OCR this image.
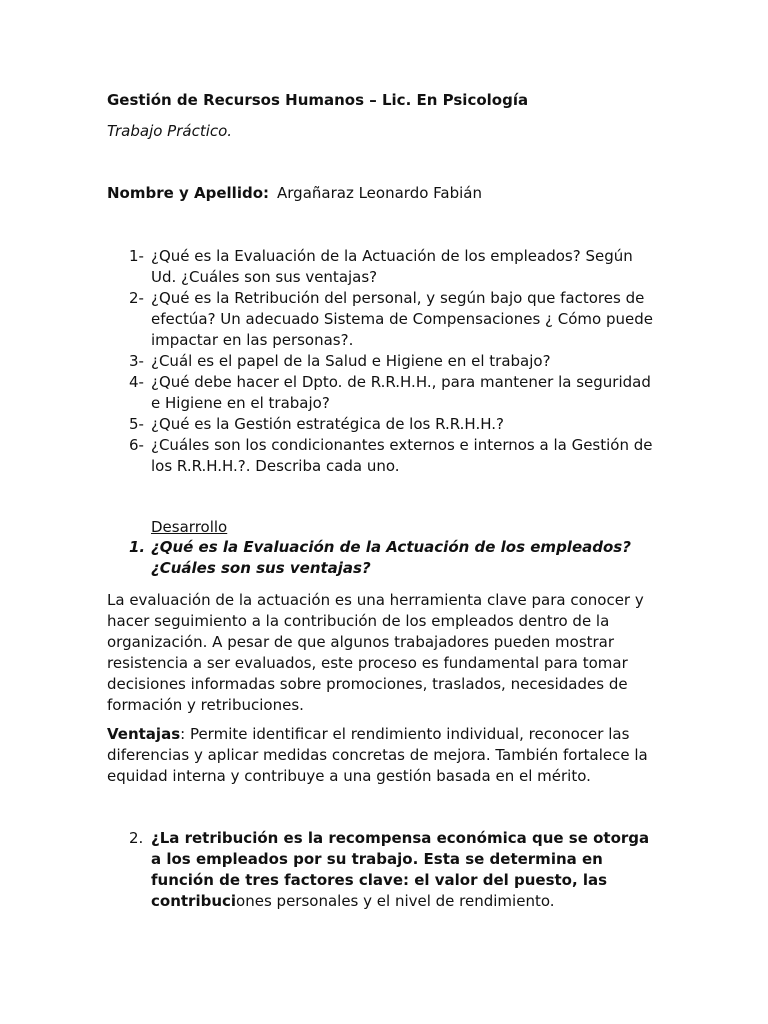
Gestión de Recursos Humanos – Lic. En Psicología
Trabajo Práctico.
Nombre y Apellido: Argañaraz Leonardo Fabián
1- ¿Qué es la Evaluación de la Actuación de los empleados? Según Ud. ¿Cuáles son sus ventajas?
2- ¿Qué es la Retribución del personal, y según bajo que factores de efectúa? Un adecuado Sistema de Compensaciones ¿ Cómo puede impactar en las personas?.
3- ¿Cuál es el papel de la Salud e Higiene en el trabajo?
4- ¿Qué debe hacer el Dpto. de R.R.H.H., para mantener la seguridad e Higiene en el trabajo?
5- ¿Qué es la Gestión estratégica de los R.R.H.H.?
6- ¿Cuáles son los condicionantes externos e internos a la Gestión de los R.R.H.H.?. Describa cada uno.
Desarrollo
1. ¿Qué es la Evaluación de la Actuación de los empleados? ¿Cuáles son sus ventajas?
La evaluación de la actuación es una herramienta clave para conocer y hacer seguimiento a la contribución de los empleados dentro de la organización. A pesar de que algunos trabajadores pueden mostrar resistencia a ser evaluados, este proceso es fundamental para tomar decisiones informadas sobre promociones, traslados, necesidades de formación y retribuciones.
Ventajas: Permite identificar el rendimiento individual, reconocer las diferencias y aplicar medidas concretas de mejora. También fortalece la equidad interna y contribuye a una gestión basada en el mérito.
2. ¿La retribución es la recompensa económica que se otorga a los empleados por su trabajo. Esta se determina en función de tres factores clave: el valor del puesto, las contribuciones personales y el nivel de rendimiento.
